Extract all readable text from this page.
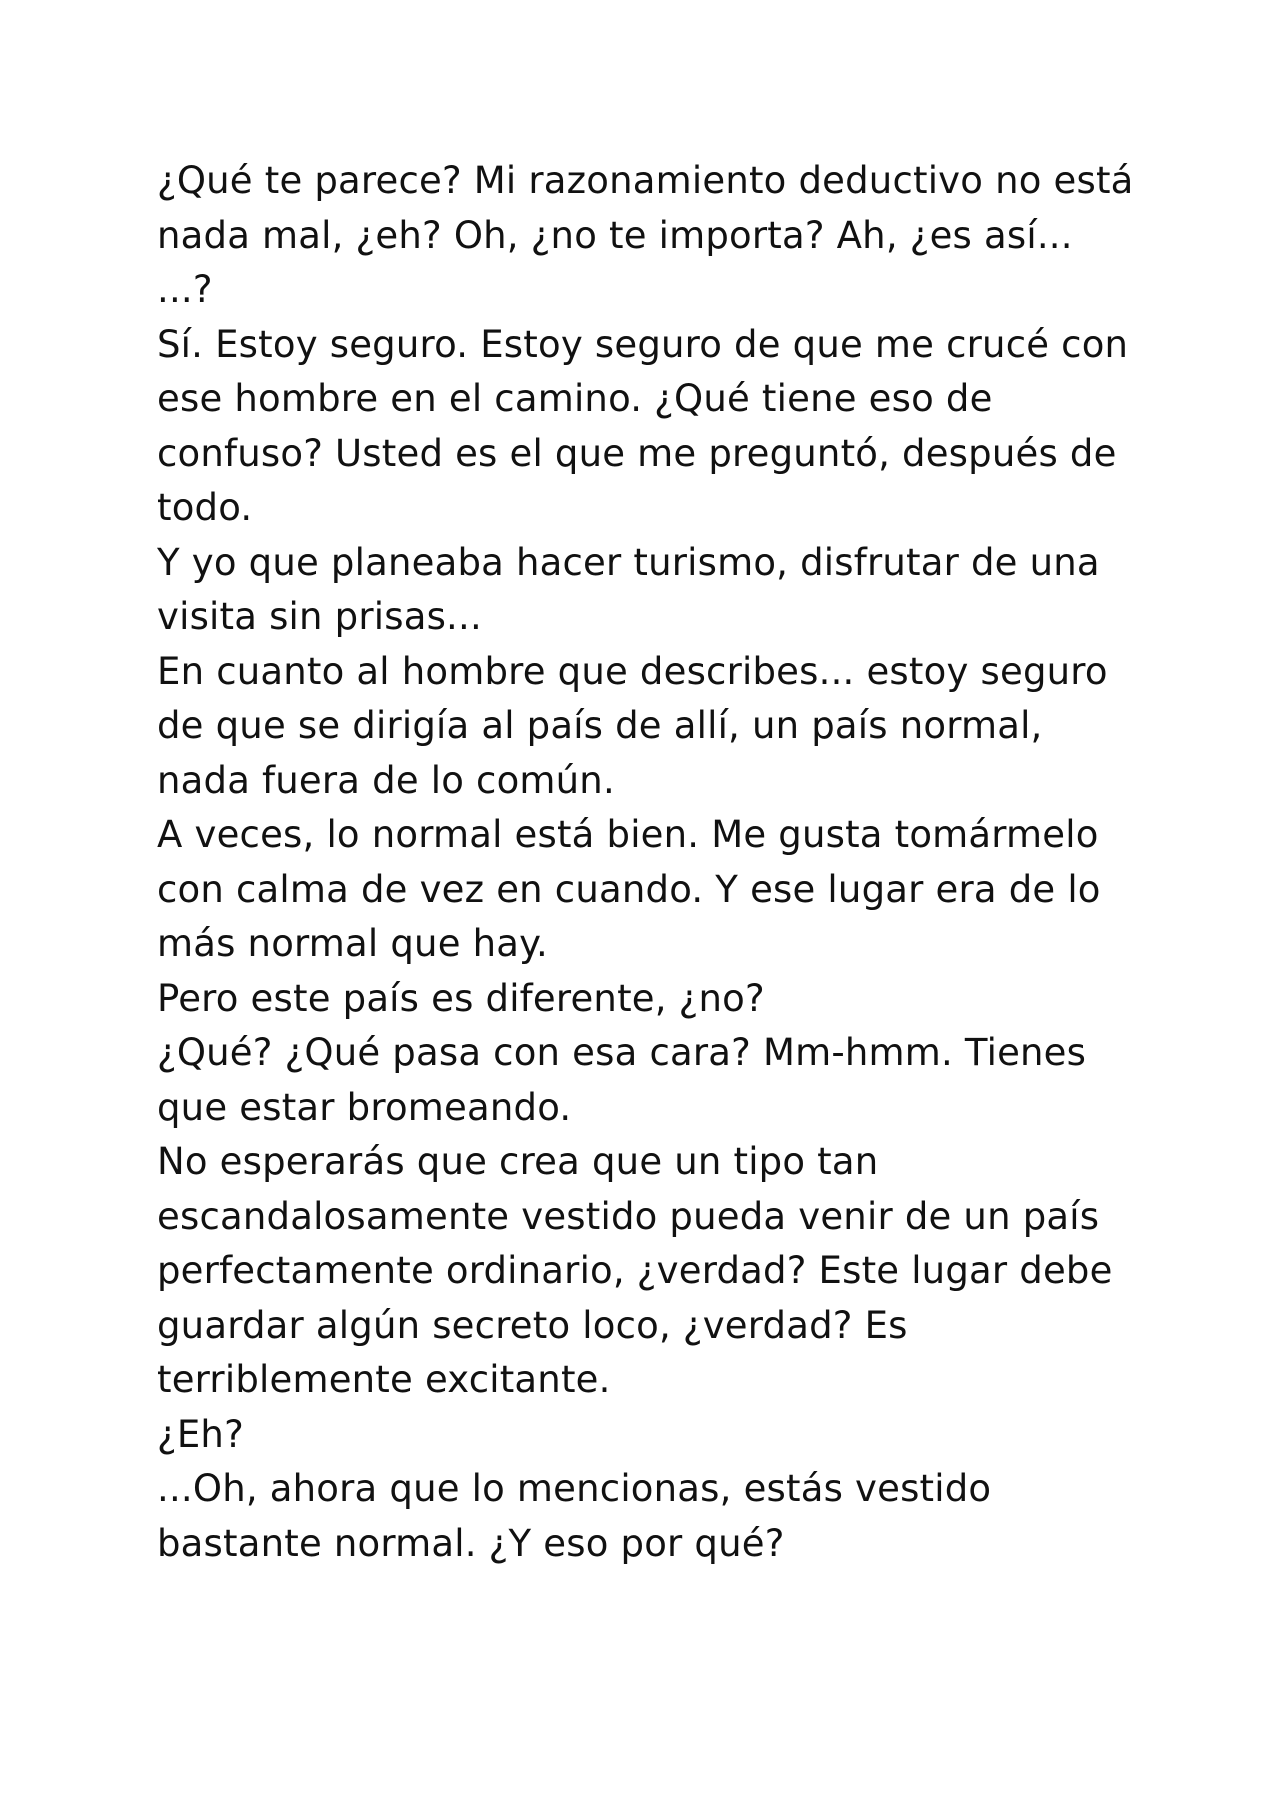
¿Qué te parece? Mi razonamiento deductivo no está nada mal, ¿eh? Oh, ¿no te importa? Ah, ¿es así...

...?

Sí. Estoy seguro. Estoy seguro de que me crucé con ese hombre en el camino. ¿Qué tiene eso de confuso? Usted es el que me preguntó, después de todo.

Y yo que planeaba hacer turismo, disfrutar de una visita sin prisas...

En cuanto al hombre que describes... estoy seguro de que se dirigía al país de allí, un país normal, nada fuera de lo común.

A veces, lo normal está bien. Me gusta tomármelo con calma de vez en cuando. Y ese lugar era de lo más normal que hay.

Pero este país es diferente, ¿no?

¿Qué? ¿Qué pasa con esa cara? Mm-hmm. Tienes que estar bromeando.

No esperarás que crea que un tipo tan escandalosamente vestido pueda venir de un país perfectamente ordinario, ¿verdad? Este lugar debe guardar algún secreto loco, ¿verdad? Es terriblemente excitante.

¿Eh?

...Oh, ahora que lo mencionas, estás vestido bastante normal. ¿Y eso por qué?
